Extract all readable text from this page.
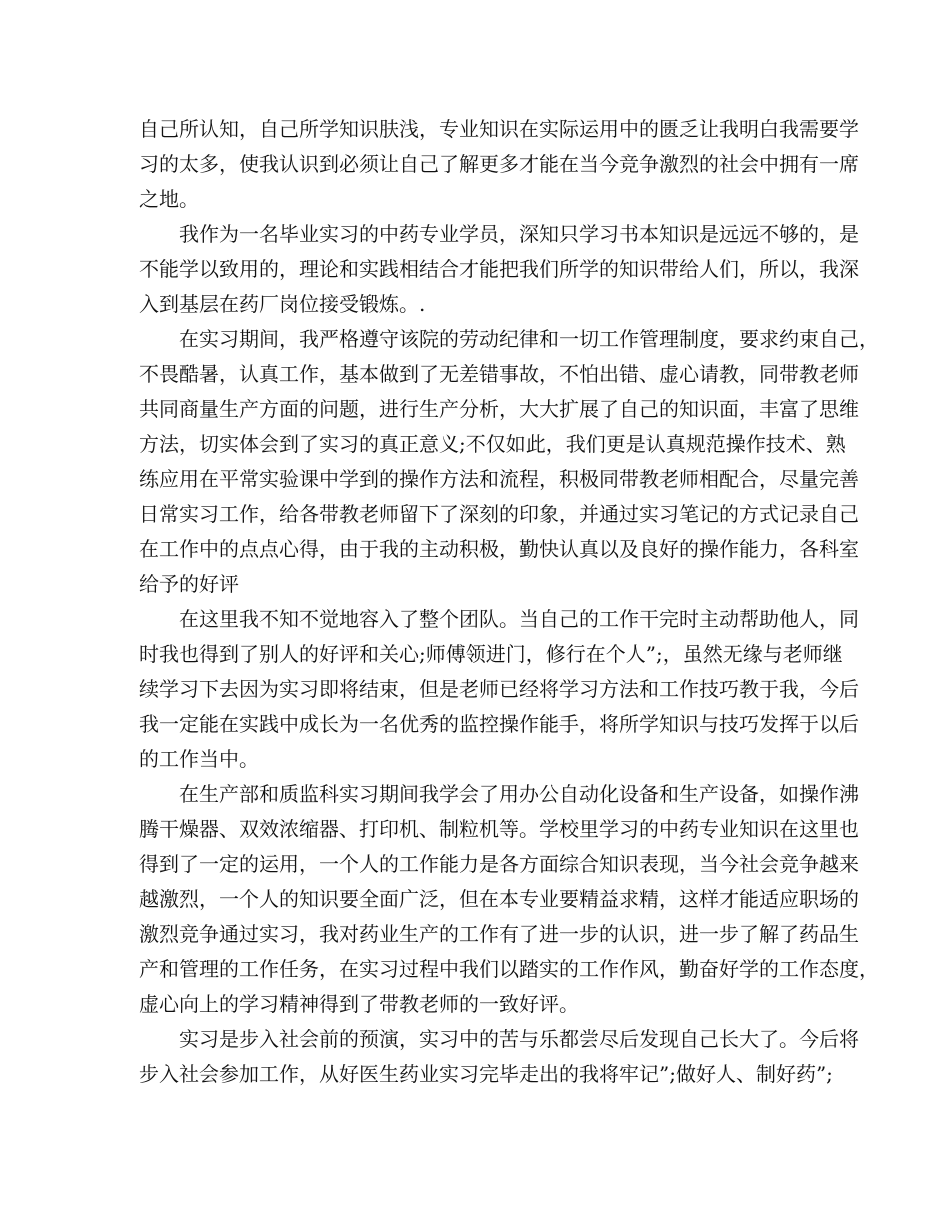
自己所认知，自己所学知识肤浅，专业知识在实际运用中的匮乏让我明白我需要学
习的太多，使我认识到必须让自己了解更多才能在当今竞争激烈的社会中拥有一席
之地。
我作为一名毕业实习的中药专业学员，深知只学习书本知识是远远不够的，是
不能学以致用的，理论和实践相结合才能把我们所学的知识带给人们，所以，我深
入到基层在药厂岗位接受锻炼。.
在实习期间，我严格遵守该院的劳动纪律和一切工作管理制度，要求约束自己，
不畏酷暑，认真工作，基本做到了无差错事故，不怕出错、虚心请教，同带教老师
共同商量生产方面的问题，进行生产分析，大大扩展了自己的知识面，丰富了思维
方法，切实体会到了实习的真正意义;不仅如此，我们更是认真规范操作技术、熟
练应用在平常实验课中学到的操作方法和流程，积极同带教老师相配合，尽量完善
日常实习工作，给各带教老师留下了深刻的印象，并通过实习笔记的方式记录自己
在工作中的点点心得，由于我的主动积极，勤快认真以及良好的操作能力，各科室
给予的好评
在这里我不知不觉地容入了整个团队。当自己的工作干完时主动帮助他人，同
时我也得到了别人的好评和关心;师傅领进门，修行在个人”;，虽然无缘与老师继
续学习下去因为实习即将结束，但是老师已经将学习方法和工作技巧教于我，今后
我一定能在实践中成长为一名优秀的监控操作能手，将所学知识与技巧发挥于以后
的工作当中。
在生产部和质监科实习期间我学会了用办公自动化设备和生产设备，如操作沸
腾干燥器、双效浓缩器、打印机、制粒机等。学校里学习的中药专业知识在这里也
得到了一定的运用，一个人的工作能力是各方面综合知识表现，当今社会竞争越来
越激烈，一个人的知识要全面广泛，但在本专业要精益求精，这样才能适应职场的
激烈竞争通过实习，我对药业生产的工作有了进一步的认识，进一步了解了药品生
产和管理的工作任务，在实习过程中我们以踏实的工作作风，勤奋好学的工作态度，
虚心向上的学习精神得到了带教老师的一致好评。
实习是步入社会前的预演，实习中的苦与乐都尝尽后发现自己长大了。今后将
步入社会参加工作，从好医生药业实习完毕走出的我将牢记”;做好人、制好药”;
